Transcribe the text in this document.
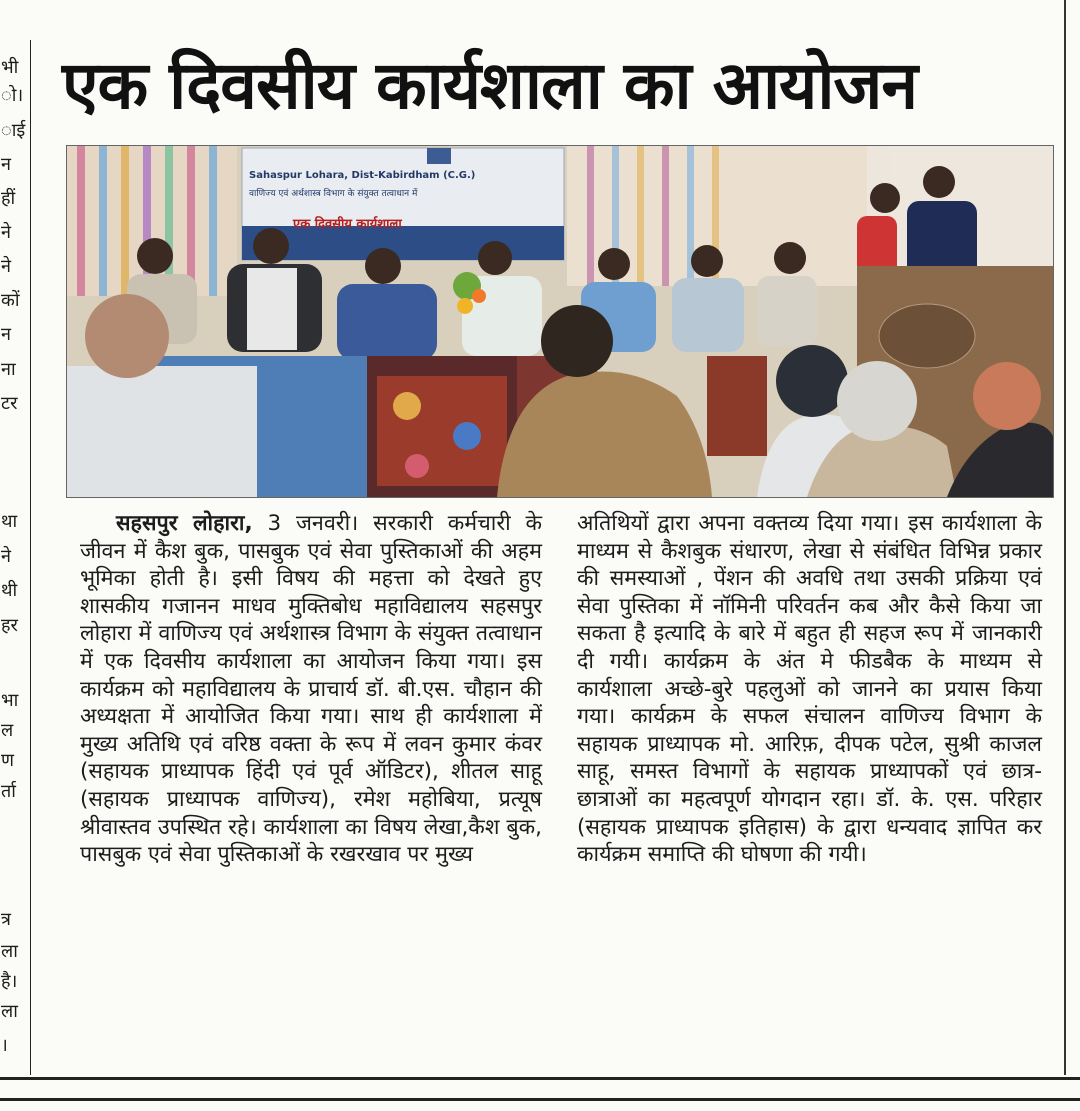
भी
ो।
ाई
न
हीं
ने
ने
कों
न
ना
टर
था
ने
थी
हर
भा
ल
ण
र्ता
त्र
ला
है।
ला
।
एक दिवसीय कार्यशाला का आयोजन
Sahaspur Lohara, Dist-Kabirdham (C.G.)
वाणिज्य एवं अर्थशास्त्र विभाग के संयुक्त तत्वाधान में
एक दिवसीय कार्यशाला

सहसपुर लोहारा, 3 जनवरी। सरकारी कर्मचारी के जीवन में कैश बुक, पासबुक एवं सेवा पुस्तिकाओं की अहम भूमिका होती है। इसी विषय की महत्ता को देखते हुए शासकीय गजानन माधव मुक्तिबोध महाविद्यालय सहसपुर लोहारा में वाणिज्य एवं अर्थशास्त्र विभाग के संयुक्त तत्वाधान में एक दिवसीय कार्यशाला का आयोजन किया गया। इस कार्यक्रम को महाविद्यालय के प्राचार्य डॉ. बी.एस. चौहान की अध्यक्षता में आयोजित किया गया। साथ ही कार्यशाला में मुख्य अतिथि एवं वरिष्ठ वक्ता के रूप में लवन कुमार कंवर (सहायक प्राध्यापक हिंदी एवं पूर्व ऑडिटर), शीतल साहू (सहायक प्राध्यापक वाणिज्य), रमेश महोबिया, प्रत्यूष श्रीवास्तव उपस्थित रहे। कार्यशाला का विषय लेखा,कैश बुक, पासबुक एवं सेवा पुस्तिकाओं के रखरखाव पर मुख्य

अतिथियों द्वारा अपना वक्तव्य दिया गया। इस कार्यशाला के माध्यम से कैशबुक संधारण, लेखा से संबंधित विभिन्न प्रकार की समस्याओं , पेंशन की अवधि तथा उसकी प्रक्रिया एवं सेवा पुस्तिका में नॉमिनी परिवर्तन कब और कैसे किया जा सकता है इत्यादि के बारे में बहुत ही सहज रूप में जानकारी दी गयी। कार्यक्रम के अंत मे फीडबैक के माध्यम से कार्यशाला अच्छे-बुरे पहलुओं को जानने का प्रयास किया गया। कार्यक्रम के सफल संचालन वाणिज्य विभाग के सहायक प्राध्यापक मो. आरिफ़, दीपक पटेल, सुश्री काजल साहू, समस्त विभागों के सहायक प्राध्यापकों एवं छात्र-छात्राओं का महत्वपूर्ण योगदान रहा। डॉ. के. एस. परिहार (सहायक प्राध्यापक इतिहास) के द्वारा धन्यवाद ज्ञापित कर कार्यक्रम समाप्ति की घोषणा की गयी।
